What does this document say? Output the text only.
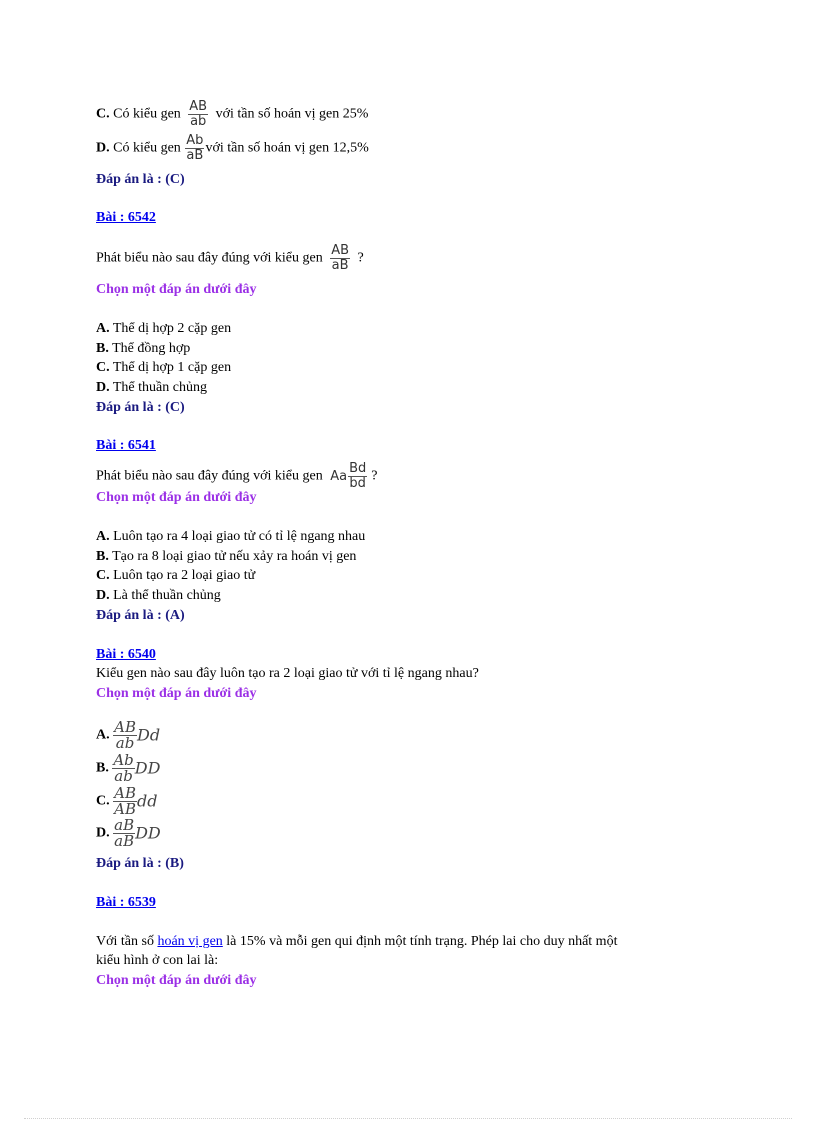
C. Có kiểu gen $\frac{AB}{ab}$ với tần số hoán vị gen 25%
D. Có kiểu gen $\frac{Ab}{aB}$ với tần số hoán vị gen 12,5%
Đáp án là : (C)
Bài : 6542
Phát biểu nào sau đây đúng với kiểu gen $\frac{AB}{aB}$ ?
Chọn một đáp án dưới đây
A. Thể dị hợp 2 cặp gen
B. Thể đồng hợp
C. Thể dị hợp 1 cặp gen
D. Thể thuần chủng
Đáp án là : (C)
Bài : 6541
Phát biểu nào sau đây đúng với kiểu gen Aa $\frac{Bd}{bd}$ ?
Chọn một đáp án dưới đây
A. Luôn tạo ra 4 loại giao tử có tỉ lệ ngang nhau
B. Tạo ra 8 loại giao tử nếu xảy ra hoán vị gen
C. Luôn tạo ra 2 loại giao tử
D. Là thể thuần chủng
Đáp án là : (A)
Bài : 6540
Kiểu gen nào sau đây luôn tạo ra 2 loại giao tử với tỉ lệ ngang nhau?
Chọn một đáp án dưới đây
A. $\frac{AB}{ab}$ Dd
B. $\frac{Ab}{ab}$ DD
C. $\frac{AB}{AB}$ dd
D. $\frac{aB}{aB}$ DD
Đáp án là : (B)
Bài : 6539
Với tần số hoán vị gen là 15% và mỗi gen qui định một tính trạng. Phép lai cho duy nhất một
kiểu hình ở con lai là:
Chọn một đáp án dưới đây
